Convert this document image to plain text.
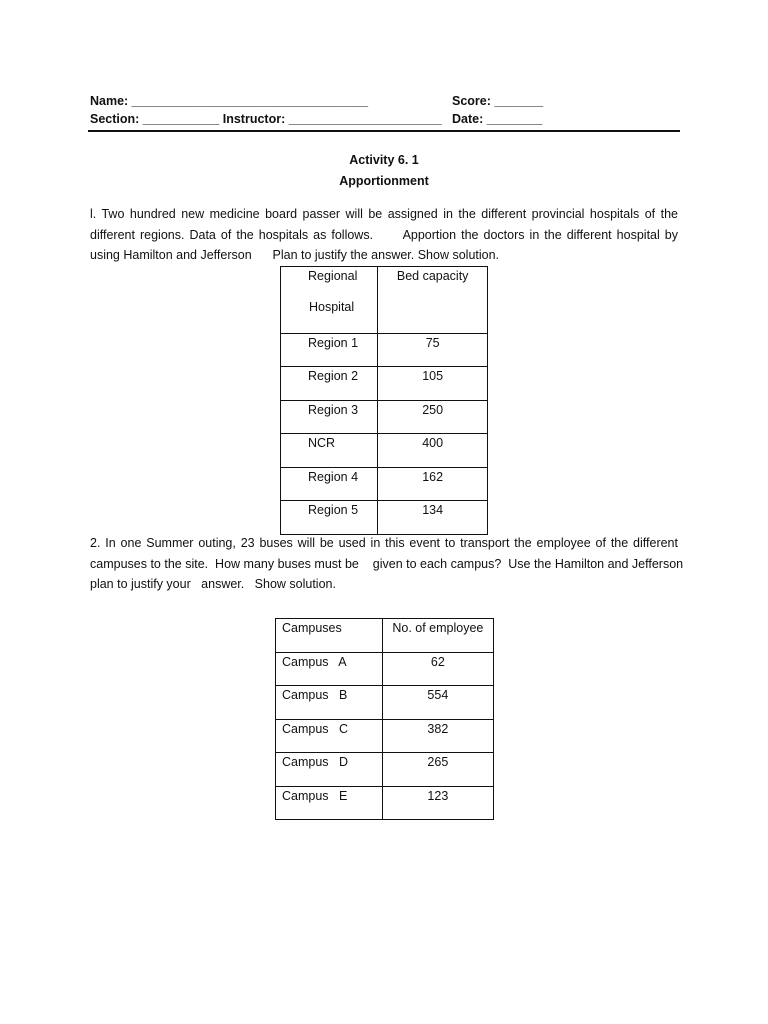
Name: __________________________________	Score: _______
Section: ___________ Instructor: ______________________ Date: ________
Activity 6. 1
Apportionment
l. Two hundred new medicine board passer will be assigned in the different provincial hospitals of the
different regions. Data of the hospitals as follows.      Apportion the doctors in the different hospital by
using Hamilton and Jefferson      Plan to justify the answer. Show solution.
Regional
Hospital	Bed capacity

Region 1	75

Region 2	105

Region 3	250

NCR	400

Region 4	162

Region 5	134
2. In one Summer outing, 23 buses will be used in this event to transport the employee of the different
campuses to the site.  How many buses must be    given to each campus?  Use the Hamilton and Jefferson
plan to justify your   answer.   Show solution.
Campuses	No. of employee

Campus   A	62

Campus   B	554

Campus   C	382

Campus   D	265

Campus   E	123
